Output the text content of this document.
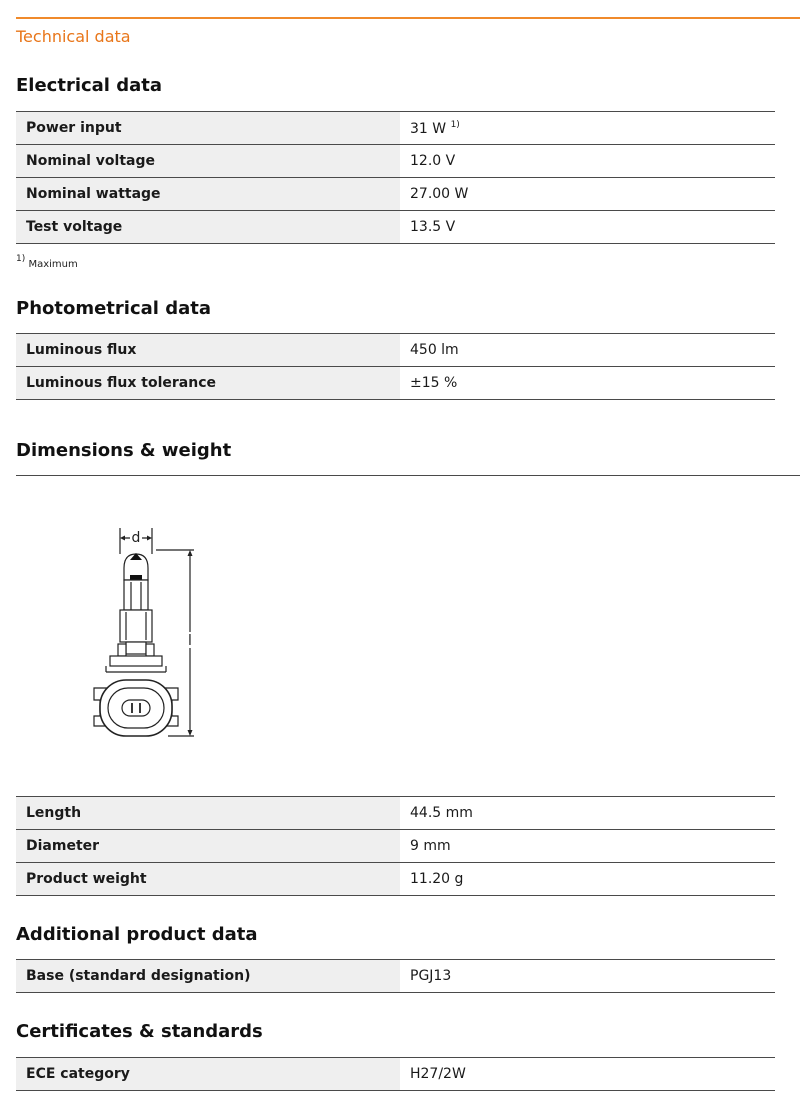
Technical data
Electrical data
Power input	31 W $^{1)}$
Nominal voltage	12.0 V
Nominal wattage	27.00 W
Test voltage	13.5 V
$^{1)}$ Maximum
Photometrical data
Luminous flux	450 lm
Luminous flux tolerance	±15 %
Dimensions & weight
d
l
Length	44.5 mm
Diameter	9 mm
Product weight	11.20 g
Additional product data
Base (standard designation)	PGJ13
Certificates & standards
ECE category	H27/2W
